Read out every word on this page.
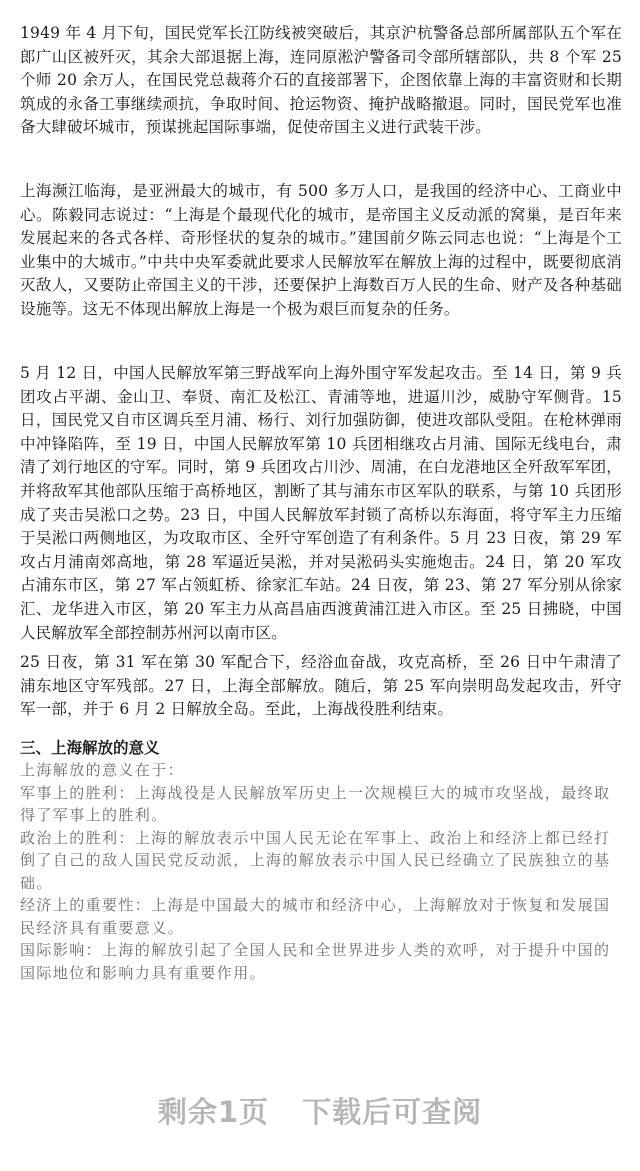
1949 年 4 月下旬，国民党军长江防线被突破后，其京沪杭警备总部所属部队五个军在郎广山区被歼灭，其余大部退据上海，连同原淞沪警备司令部所辖部队，共 8 个军 25 个师 20 余万人，在国民党总裁蒋介石的直接部署下，企图依靠上海的丰富资财和长期筑成的永备工事继续顽抗，争取时间、抢运物资、掩护战略撤退。同时，国民党军也准备大肆破坏城市，预谋挑起国际事端，促使帝国主义进行武装干涉。

上海濒江临海，是亚洲最大的城市，有 500 多万人口，是我国的经济中心、工商业中心。陈毅同志说过：“上海是个最现代化的城市，是帝国主义反动派的窝巢，是百年来发展起来的各式各样、奇形怪状的复杂的城市。”建国前夕陈云同志也说：“上海是个工业集中的大城市。”中共中央军委就此要求人民解放军在解放上海的过程中，既要彻底消灭敌人，又要防止帝国主义的干涉，还要保护上海数百万人民的生命、财产及各种基础设施等。这无不体现出解放上海是一个极为艰巨而复杂的任务。

5 月 12 日，中国人民解放军第三野战军向上海外围守军发起攻击。至 14 日，第 9 兵团攻占平湖、金山卫、奉贤、南汇及松江、青浦等地，进逼川沙，威胁守军侧背。15 日，国民党又自市区调兵至月浦、杨行、刘行加强防御，使进攻部队受阻。在枪林弹雨中冲锋陷阵，至 19 日，中国人民解放军第 10 兵团相继攻占月浦、国际无线电台，肃清了刘行地区的守军。同时，第 9 兵团攻占川沙、周浦，在白龙港地区全歼敌军军团，并将敌军其他部队压缩于高桥地区，割断了其与浦东市区军队的联系，与第 10 兵团形成了夹击吴淞口之势。23 日，中国人民解放军封锁了高桥以东海面，将守军主力压缩于吴淞口两侧地区，为攻取市区、全歼守军创造了有利条件。5 月 23 日夜，第 29 军攻占月浦南郊高地，第 28 军逼近吴淞，并对吴淞码头实施炮击。24 日，第 20 军攻占浦东市区，第 27 军占领虹桥、徐家汇车站。24 日夜，第 23、第 27 军分别从徐家汇、龙华进入市区，第 20 军主力从高昌庙西渡黄浦江进入市区。至 25 日拂晓，中国人民解放军全部控制苏州河以南市区。

25 日夜，第 31 军在第 30 军配合下，经浴血奋战，攻克高桥，至 26 日中午肃清了浦东地区守军残部。27 日，上海全部解放。随后，第 25 军向崇明岛发起攻击，歼守军一部，并于 6 月 2 日解放全岛。至此，上海战役胜利结束。

三、上海解放的意义

上海解放的意义在于：

军事上的胜利：上海战役是人民解放军历史上一次规模巨大的城市攻坚战，最终取得了军事上的胜利。

政治上的胜利：上海的解放表示中国人民无论在军事上、政治上和经济上都已经打倒了自己的敌人国民党反动派，上海的解放表示中国人民已经确立了民族独立的基础。

经济上的重要性：上海是中国最大的城市和经济中心，上海解放对于恢复和发展国民经济具有重要意义。

国际影响：上海的解放引起了全国人民和全世界进步人类的欢呼，对于提升中国的国际地位和影响力具有重要作用。

剩余1页 下载后可查阅
